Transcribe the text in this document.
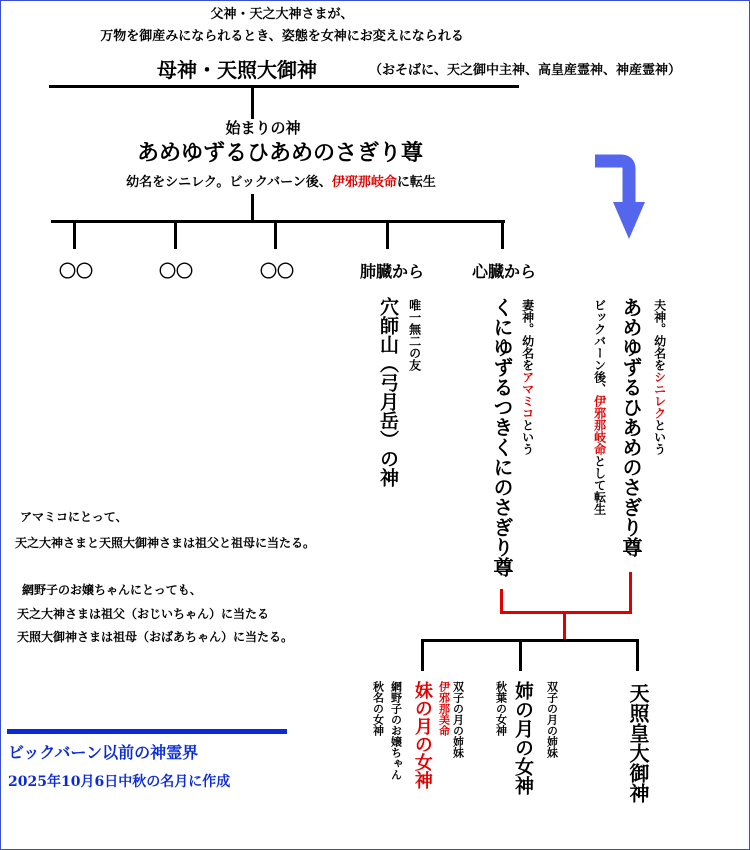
父神・天之大神さまが、
万物を御産みになられるとき、姿態を女神にお変えになられる
母神・天照大御神	（おそばに、天之御中主神、高皇産霊神、神産霊神）
始まりの神
あめゆずるひあめのさぎり尊
幼名をシニレク。ビックバーン後、伊邪那岐命に転生
〇〇	〇〇	〇〇	肺臓から	心臓から
唯一無二の友
穴師山（弓月岳）の神	妻神。幼名をアマミコという
くにゆずるつきくにのさぎり尊	夫神。幼名をシニレクという
ビックバーン後、伊邪那岐命として転生 あめゆずるひあめのさぎり尊
秋名の女神 網野子のお嬢ちゃん	双子の月の姉妹
伊邪那美命
妹の月の女神	秋葉の女神	双子の月の姉妹
姉の月の女神	天照皇大御神
アマミコにとって、
天之大神さまと天照大御神さまは祖父と祖母に当たる。
網野子のお嬢ちゃんにとっても、
天之大神さまは祖父（おじいちゃん）に当たる
天照大御神さまは祖母（おばあちゃん）に当たる。
ビックバーン以前の神霊界
2025年10月6日中秋の名月に作成
